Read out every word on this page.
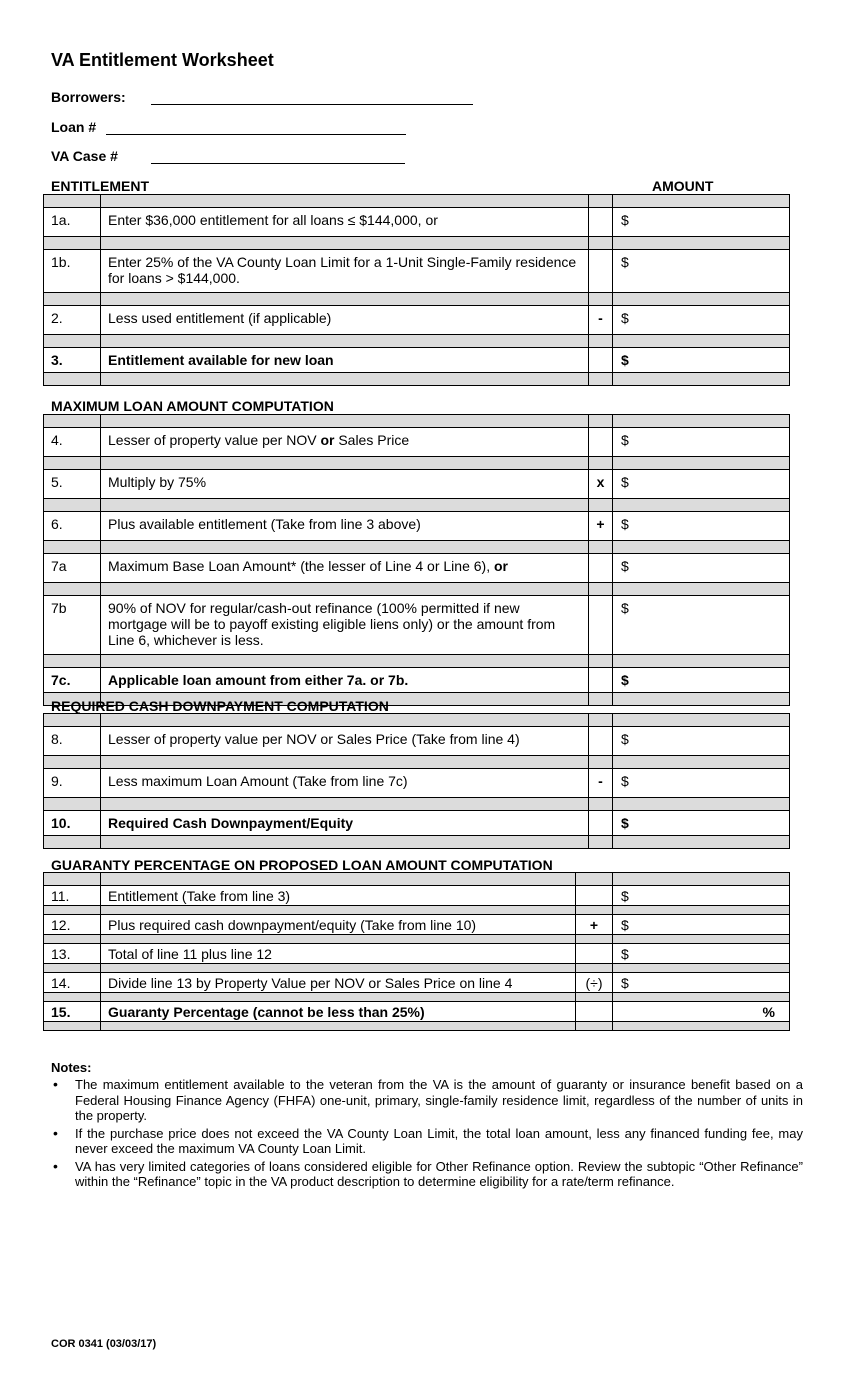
VA Entitlement Worksheet
Borrowers:
Loan #
VA Case #
ENTITLEMENT	AMOUNT

1a.	Enter $36,000 entitlement for all loans ≤ $144,000, or		$

1b.	Enter 25% of the VA County Loan Limit for a 1-Unit Single-Family residence for loans > $144,000.		$

2.	Less used entitlement (if applicable)	-	$

3.	Entitlement available for new loan		$

MAXIMUM LOAN AMOUNT COMPUTATION

4.	Lesser of property value per NOV or Sales Price		$

5.	Multiply by 75%	x	$

6.	Plus available entitlement (Take from line 3 above)	+	$

7a	Maximum Base Loan Amount* (the lesser of Line 4 or Line 6), or		$

7b	90% of NOV for regular/cash-out refinance (100% permitted if new mortgage will be to payoff existing eligible liens only) or the amount from Line 6, whichever is less.		$

7c.	Applicable loan amount from either 7a. or 7b.		$

REQUIRED CASH DOWNPAYMENT COMPUTATION

8.	Lesser of property value per NOV or Sales Price (Take from line 4)		$

9.	Less maximum Loan Amount (Take from line 7c)	-	$

10.	Required Cash Downpayment/Equity		$

GUARANTY PERCENTAGE ON PROPOSED LOAN AMOUNT COMPUTATION

11.	Entitlement (Take from line 3)		$

12.	Plus required cash downpayment/equity (Take from line 10)	+	$

13.	Total of line 11 plus line 12		$

14.	Divide line 13 by Property Value per NOV or Sales Price on line 4	(÷)	$

15.	Guaranty Percentage (cannot be less than 25%)		%

Notes:
• The maximum entitlement available to the veteran from the VA is the amount of guaranty or insurance benefit based on a Federal Housing Finance Agency (FHFA) one-unit, primary, single-family residence limit, regardless of the number of units in the property.
• If the purchase price does not exceed the VA County Loan Limit, the total loan amount, less any financed funding fee, may never exceed the maximum VA County Loan Limit.
• VA has very limited categories of loans considered eligible for Other Refinance option. Review the subtopic “Other Refinance” within the “Refinance” topic in the VA product description to determine eligibility for a rate/term refinance.
COR 0341 (03/03/17)
